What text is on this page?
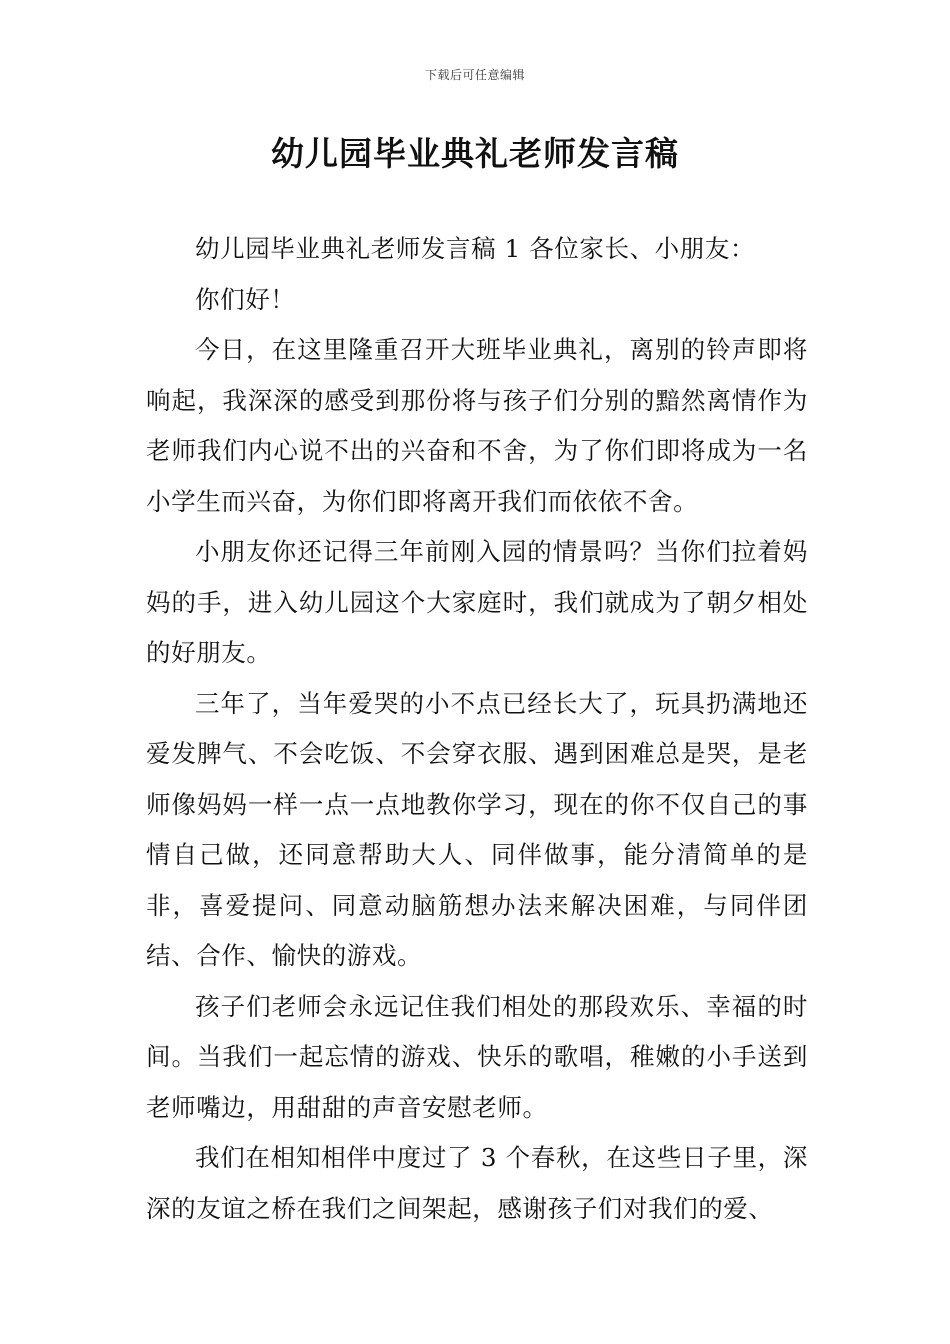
下载后可任意编辑
幼儿园毕业典礼老师发言稿

幼儿园毕业典礼老师发言稿 1 各位家长、小朋友：

你们好！

今日，在这里隆重召开大班毕业典礼，离别的铃声即将响起，我深深的感受到那份将与孩子们分别的黯然离情作为老师我们内心说不出的兴奋和不舍，为了你们即将成为一名小学生而兴奋，为你们即将离开我们而依依不舍。

小朋友你还记得三年前刚入园的情景吗？当你们拉着妈妈的手，进入幼儿园这个大家庭时，我们就成为了朝夕相处的好朋友。

三年了，当年爱哭的小不点已经长大了，玩具扔满地还爱发脾气、不会吃饭、不会穿衣服、遇到困难总是哭，是老师像妈妈一样一点一点地教你学习，现在的你不仅自己的事情自己做，还同意帮助大人、同伴做事，能分清简单的是非，喜爱提问、同意动脑筋想办法来解决困难，与同伴团结、合作、愉快的游戏。

孩子们老师会永远记住我们相处的那段欢乐、幸福的时间。当我们一起忘情的游戏、快乐的歌唱，稚嫩的小手送到老师嘴边，用甜甜的声音安慰老师。

我们在相知相伴中度过了 3 个春秋，在这些日子里，深深的友谊之桥在我们之间架起，感谢孩子们对我们的爱、
